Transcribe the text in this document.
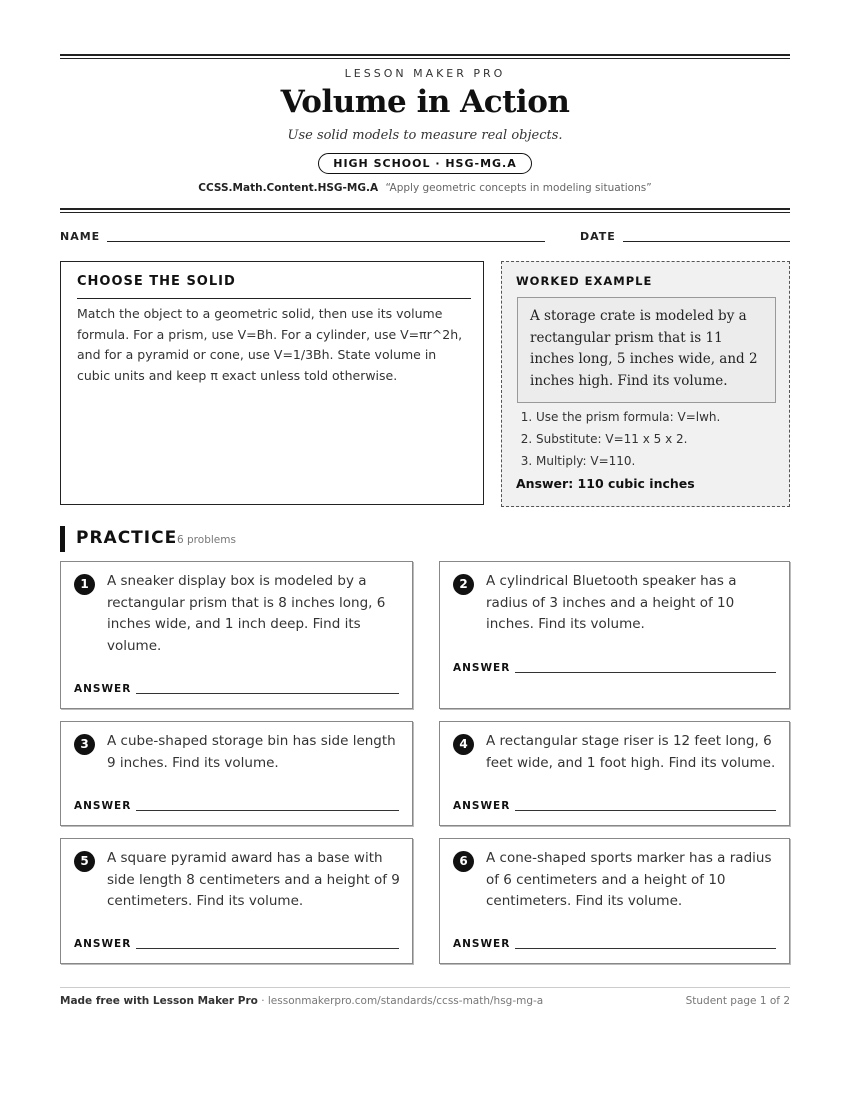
LESSON MAKER PRO
Volume in Action
Use solid models to measure real objects.
HIGH SCHOOL · HSG-MG.A
CCSS.Math.Content.HSG-MG.A “Apply geometric concepts in modeling situations”
NAME	DATE
CHOOSE THE SOLID

Match the object to a geometric solid, then use its volume formula. For a prism, use V=Bh. For a cylinder, use V=πr^2h, and for a pyramid or cone, use V=1/3Bh. State volume in cubic units and keep π exact unless told otherwise.

WORKED EXAMPLE
A storage crate is modeled by a rectangular prism that is 11 inches long, 5 inches wide, and 2 inches high. Find its volume.
1. Use the prism formula: V=lwh.
2. Substitute: V=11 x 5 x 2.
3. Multiply: V=110.
Answer: 110 cubic inches
PRACTICE 6 problems
1	A sneaker display box is modeled by a rectangular prism that is 8 inches long, 6 inches wide, and 1 inch deep. Find its volume.
ANSWER
2	A cylindrical Bluetooth speaker has a radius of 3 inches and a height of 10 inches. Find its volume.
ANSWER
3	A cube-shaped storage bin has side length 9 inches. Find its volume.
ANSWER
4	A rectangular stage riser is 12 feet long, 6 feet wide, and 1 foot high. Find its volume.
ANSWER
5	A square pyramid award has a base with side length 8 centimeters and a height of 9 centimeters. Find its volume.
ANSWER
6	A cone-shaped sports marker has a radius of 6 centimeters and a height of 10 centimeters. Find its volume.
ANSWER
Made free with Lesson Maker Pro · lessonmakerpro.com/standards/ccss-math/hsg-mg-a	Student page 1 of 2
